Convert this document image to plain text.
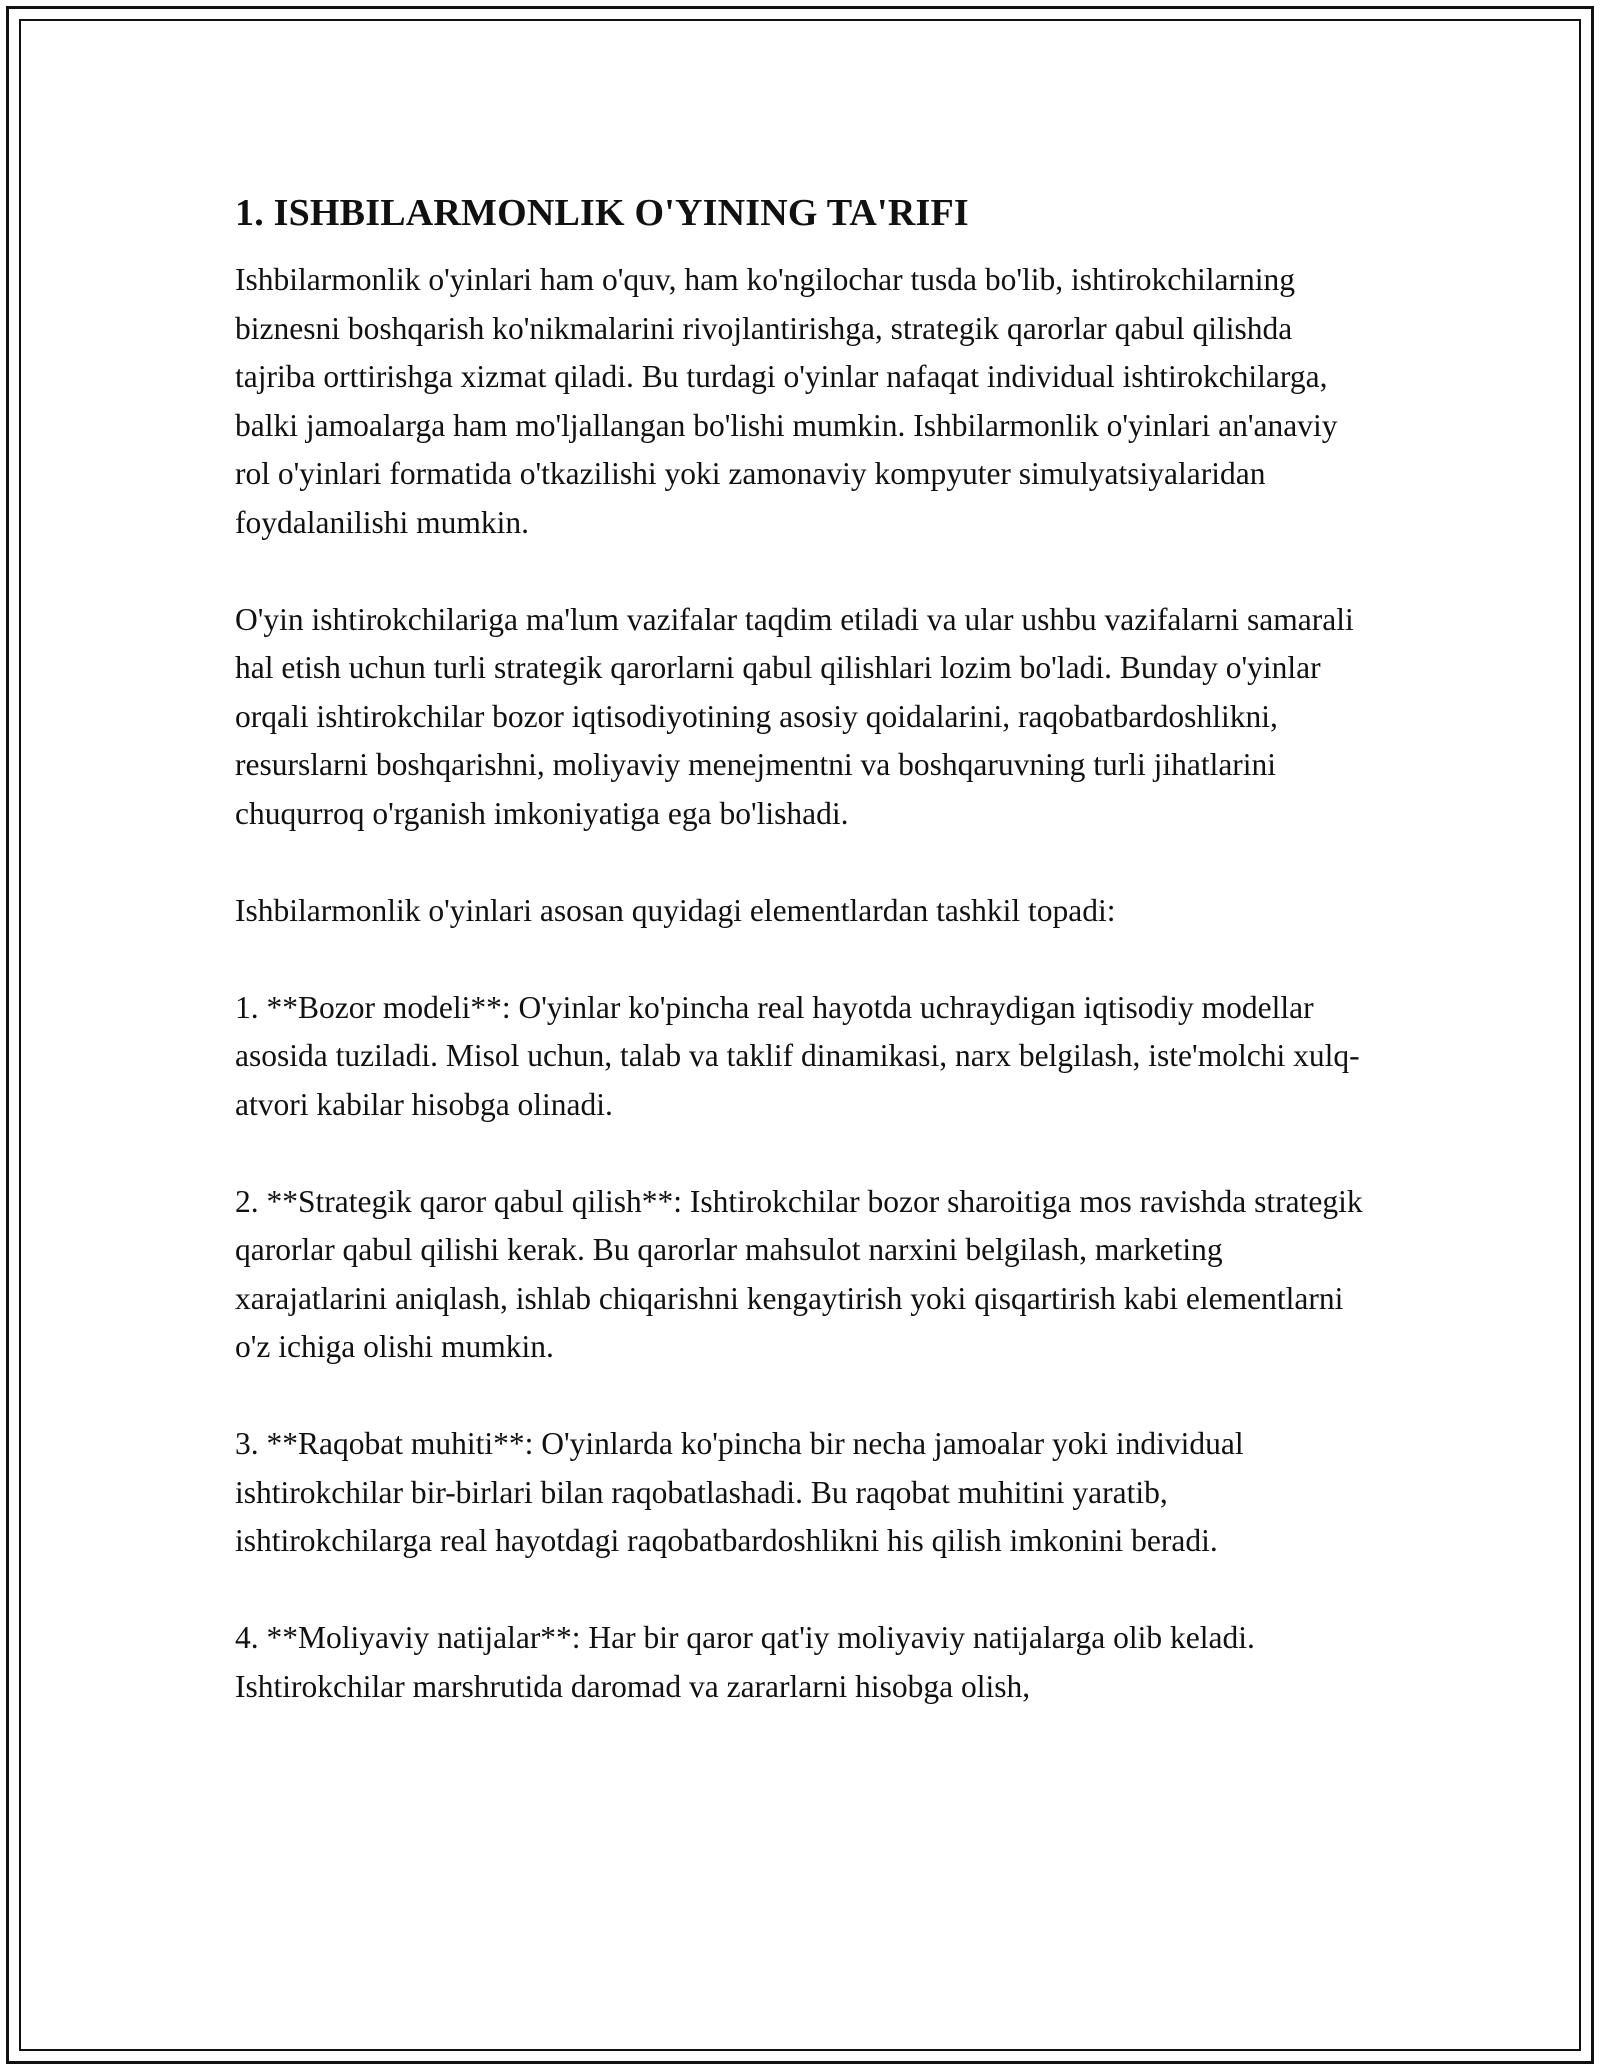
1. ISHBILARMONLIK O'YINING TA'RIFI

Ishbilarmonlik o'yinlari ham o'quv, ham ko'ngilochar tusda bo'lib, ishtirokchilarning biznesni boshqarish ko'nikmalarini rivojlantirishga, strategik qarorlar qabul qilishda tajriba orttirishga xizmat qiladi. Bu turdagi o'yinlar nafaqat individual ishtirokchilarga, balki jamoalarga ham mo'ljallangan bo'lishi mumkin. Ishbilarmonlik o'yinlari an'anaviy rol o'yinlari formatida o'tkazilishi yoki zamonaviy kompyuter simulyatsiyalaridan foydalanilishi mumkin.

O'yin ishtirokchilariga ma'lum vazifalar taqdim etiladi va ular ushbu vazifalarni samarali hal etish uchun turli strategik qarorlarni qabul qilishlari lozim bo'ladi. Bunday o'yinlar orqali ishtirokchilar bozor iqtisodiyotining asosiy qoidalarini, raqobatbardoshlikni, resurslarni boshqarishni, moliyaviy menejmentni va boshqaruvning turli jihatlarini chuqurroq o'rganish imkoniyatiga ega bo'lishadi.

Ishbilarmonlik o'yinlari asosan quyidagi elementlardan tashkil topadi:

1. **Bozor modeli**: O'yinlar ko'pincha real hayotda uchraydigan iqtisodiy modellar asosida tuziladi. Misol uchun, talab va taklif dinamikasi, narx belgilash, iste'molchi xulq-atvori kabilar hisobga olinadi.

2. **Strategik qaror qabul qilish**: Ishtirokchilar bozor sharoitiga mos ravishda strategik qarorlar qabul qilishi kerak. Bu qarorlar mahsulot narxini belgilash, marketing xarajatlarini aniqlash, ishlab chiqarishni kengaytirish yoki qisqartirish kabi elementlarni o'z ichiga olishi mumkin.

3. **Raqobat muhiti**: O'yinlarda ko'pincha bir necha jamoalar yoki individual ishtirokchilar bir-birlari bilan raqobatlashadi. Bu raqobat muhitini yaratib, ishtirokchilarga real hayotdagi raqobatbardoshlikni his qilish imkonini beradi.

4. **Moliyaviy natijalar**: Har bir qaror qat'iy moliyaviy natijalarga olib keladi. Ishtirokchilar marshrutida daromad va zararlarni hisobga olish,
